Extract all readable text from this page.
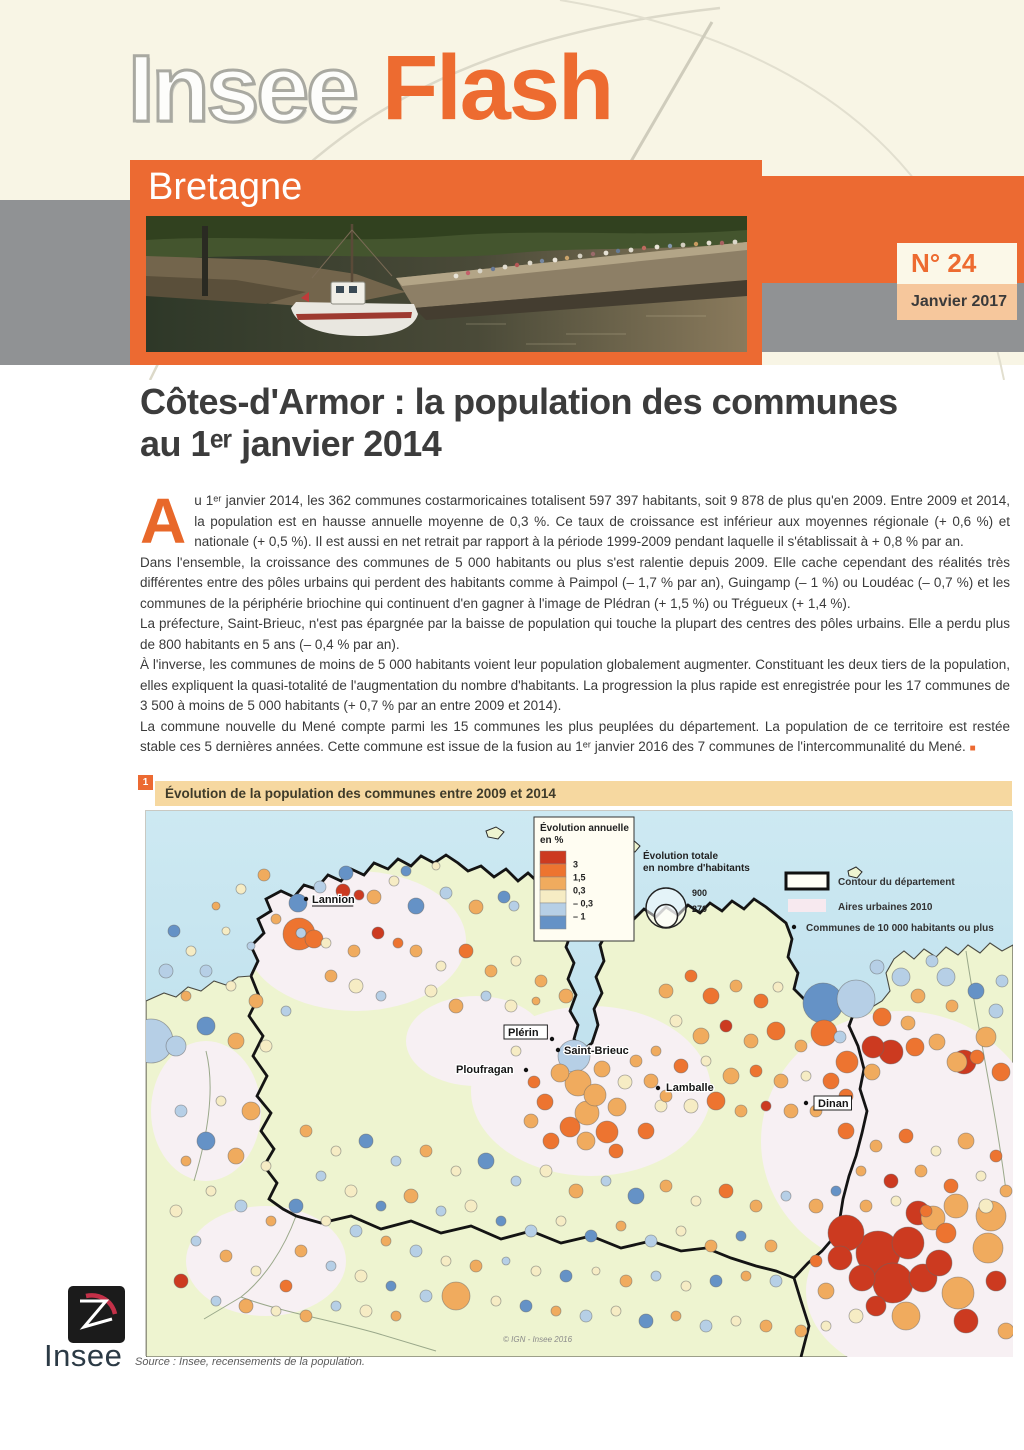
Insee Flash
Bretagne
N° 24
Janvier 2017
Côtes-d'Armor : la population des communes
au 1ᵉʳ janvier 2014

Au 1ᵉʳ janvier 2014, les 362 communes costarmoricaines totalisent 597 397 habitants, soit 9 878 de plus qu'en 2009. Entre 2009 et 2014, la population est en hausse annuelle moyenne de 0,3 %. Ce taux de croissance est inférieur aux moyennes régionale (+ 0,6 %) et nationale (+ 0,5 %). Il est aussi en net retrait par rapport à la période 1999-2009 pendant laquelle il s'établissait à + 0,8 % par an.

Dans l'ensemble, la croissance des communes de 5 000 habitants ou plus s'est ralentie depuis 2009. Elle cache cependant des réalités très différentes entre des pôles urbains qui perdent des habitants comme à Paimpol (– 1,7 % par an), Guingamp (– 1 %) ou Loudéac (– 0,7 %) et les communes de la périphérie briochine qui continuent d'en gagner à l'image de Plédran (+ 1,5 %) ou Trégueux (+ 1,4 %).

La préfecture, Saint-Brieuc, n'est pas épargnée par la baisse de population qui touche la plupart des centres des pôles urbains. Elle a perdu plus de 800 habitants en 5 ans (– 0,4 % par an).

À l'inverse, les communes de moins de 5 000 habitants voient leur population globalement augmenter. Constituant les deux tiers de la population, elles expliquent la quasi-totalité de l'augmentation du nombre d'habitants. La progression la plus rapide est enregistrée pour les 17 communes de 3 500 à moins de 5 000 habitants (+ 0,7 % par an entre 2009 et 2014).

La commune nouvelle du Mené compte parmi les 15 communes les plus peuplées du département. La population de ce territoire est restée stable ces 5 dernières années. Cette commune est issue de la fusion au 1ᵉʳ janvier 2016 des 7 communes de l'intercommunalité du Mené. ■

1
Évolution de la population des communes entre 2009 et 2014
Lannion
Plérin
Saint-Brieuc
Ploufragan
Lamballe
Dinan
Évolution annuelle
en %
3
1,5
0,3
– 0,3
– 1
Évolution totale
en nombre d'habitants
900
270
Contour du département
Aires urbaines 2010
Communes de 10 000 habitants ou plus
© IGN - Insee 2016
Insee Source : Insee, recensements de la population.
